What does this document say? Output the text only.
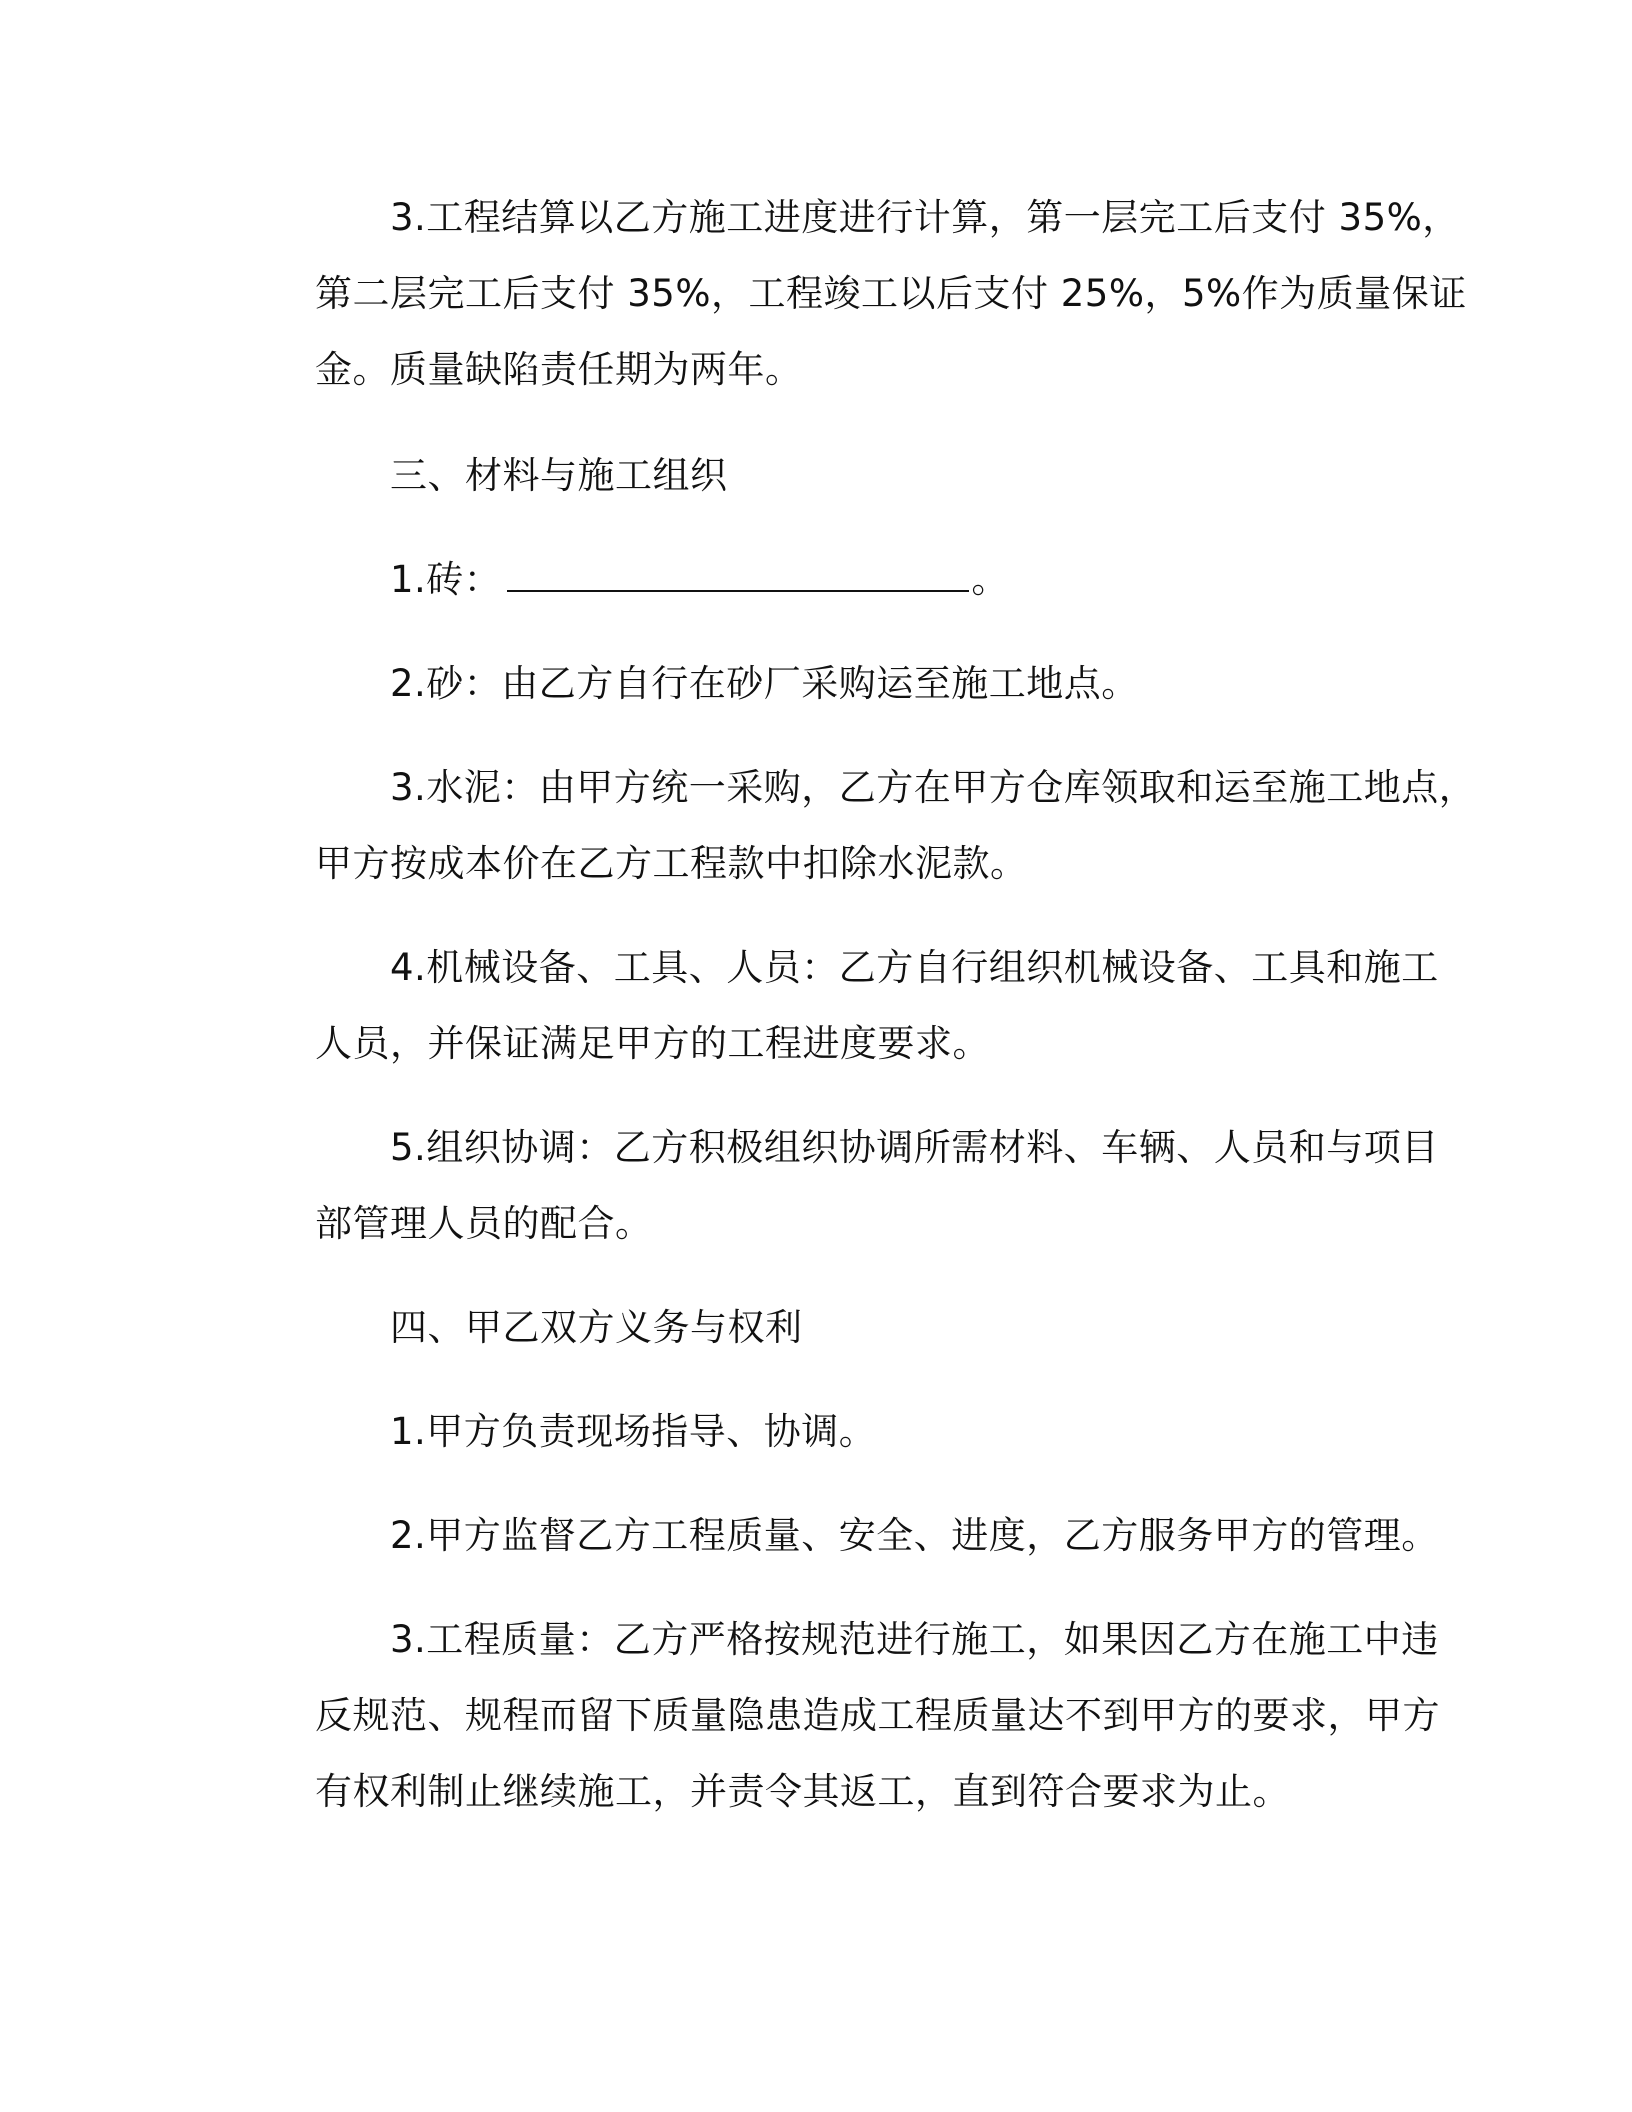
3.工程结算以乙方施工进度进行计算，第一层完工后支付 35%，
第二层完工后支付 35%，工程竣工以后支付 25%，5%作为质量保证
金。质量缺陷责任期为两年。
三、材料与施工组织
1.砖：	。
2.砂：由乙方自行在砂厂采购运至施工地点。
3.水泥：由甲方统一采购，乙方在甲方仓库领取和运至施工地点，
甲方按成本价在乙方工程款中扣除水泥款。
4.机械设备、工具、人员：乙方自行组织机械设备、工具和施工
人员，并保证满足甲方的工程进度要求。
5.组织协调：乙方积极组织协调所需材料、车辆、人员和与项目
部管理人员的配合。
四、甲乙双方义务与权利
1.甲方负责现场指导、协调。
2.甲方监督乙方工程质量、安全、进度，乙方服务甲方的管理。
3.工程质量：乙方严格按规范进行施工，如果因乙方在施工中违
反规范、规程而留下质量隐患造成工程质量达不到甲方的要求，甲方
有权利制止继续施工，并责令其返工，直到符合要求为止。
